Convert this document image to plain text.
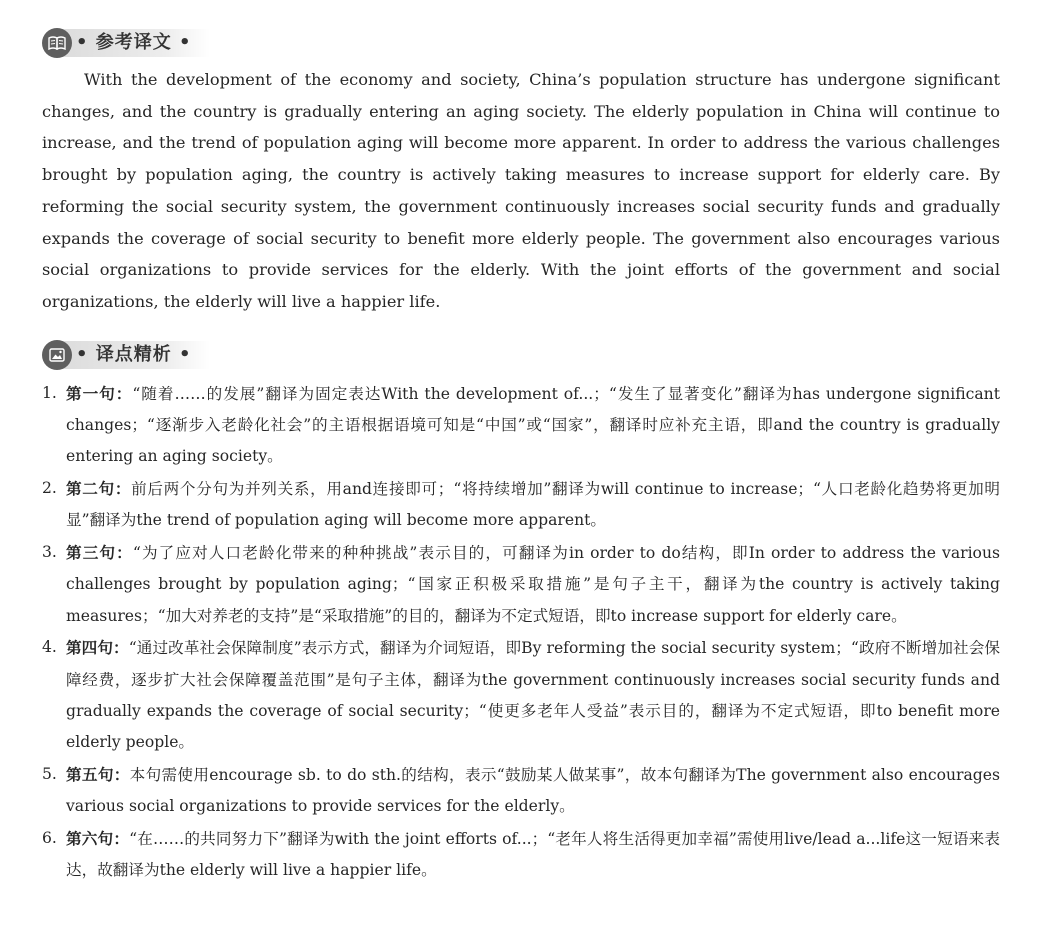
• 参考译文 •

With the development of the economy and society, China’s population structure has undergone significant changes, and the country is gradually entering an aging society. The elderly population in China will continue to increase, and the trend of population aging will become more apparent. In order to address the various challenges brought by population aging, the country is actively taking measures to increase support for elderly care. By reforming the social security system, the government continuously increases social security funds and gradually expands the coverage of social security to benefit more elderly people. The government also encourages various social organizations to provide services for the elderly. With the joint efforts of the government and social organizations, the elderly will live a happier life.

• 译点精析 •
1. 第一句：“随着……的发展”翻译为固定表达With the development of...；“发生了显著变化”翻译为has undergone significant changes；“逐渐步入老龄化社会”的主语根据语境可知是“中国”或“国家”，翻译时应补充主语，即and the country is gradually entering an aging society。
2. 第二句：前后两个分句为并列关系，用and连接即可；“将持续增加”翻译为will continue to increase；“人口老龄化趋势将更加明显”翻译为the trend of population aging will become more apparent。
3. 第三句：“为了应对人口老龄化带来的种种挑战”表示目的，可翻译为in order to do结构，即In order to address the various challenges brought by population aging；“国家正积极采取措施”是句子主干，翻译为the country is actively taking measures；“加大对养老的支持”是“采取措施”的目的，翻译为不定式短语，即to increase support for elderly care。
4. 第四句：“通过改革社会保障制度”表示方式，翻译为介词短语，即By reforming the social security system；“政府不断增加社会保障经费，逐步扩大社会保障覆盖范围”是句子主体，翻译为the government continuously increases social security funds and gradually expands the coverage of social security；“使更多老年人受益”表示目的，翻译为不定式短语，即to benefit more elderly people。
5. 第五句：本句需使用encourage sb. to do sth.的结构，表示“鼓励某人做某事”，故本句翻译为The government also encourages various social organizations to provide services for the elderly。
6. 第六句：“在……的共同努力下”翻译为with the joint efforts of...；“老年人将生活得更加幸福”需使用live/lead a...life这一短语来表达，故翻译为the elderly will live a happier life。
